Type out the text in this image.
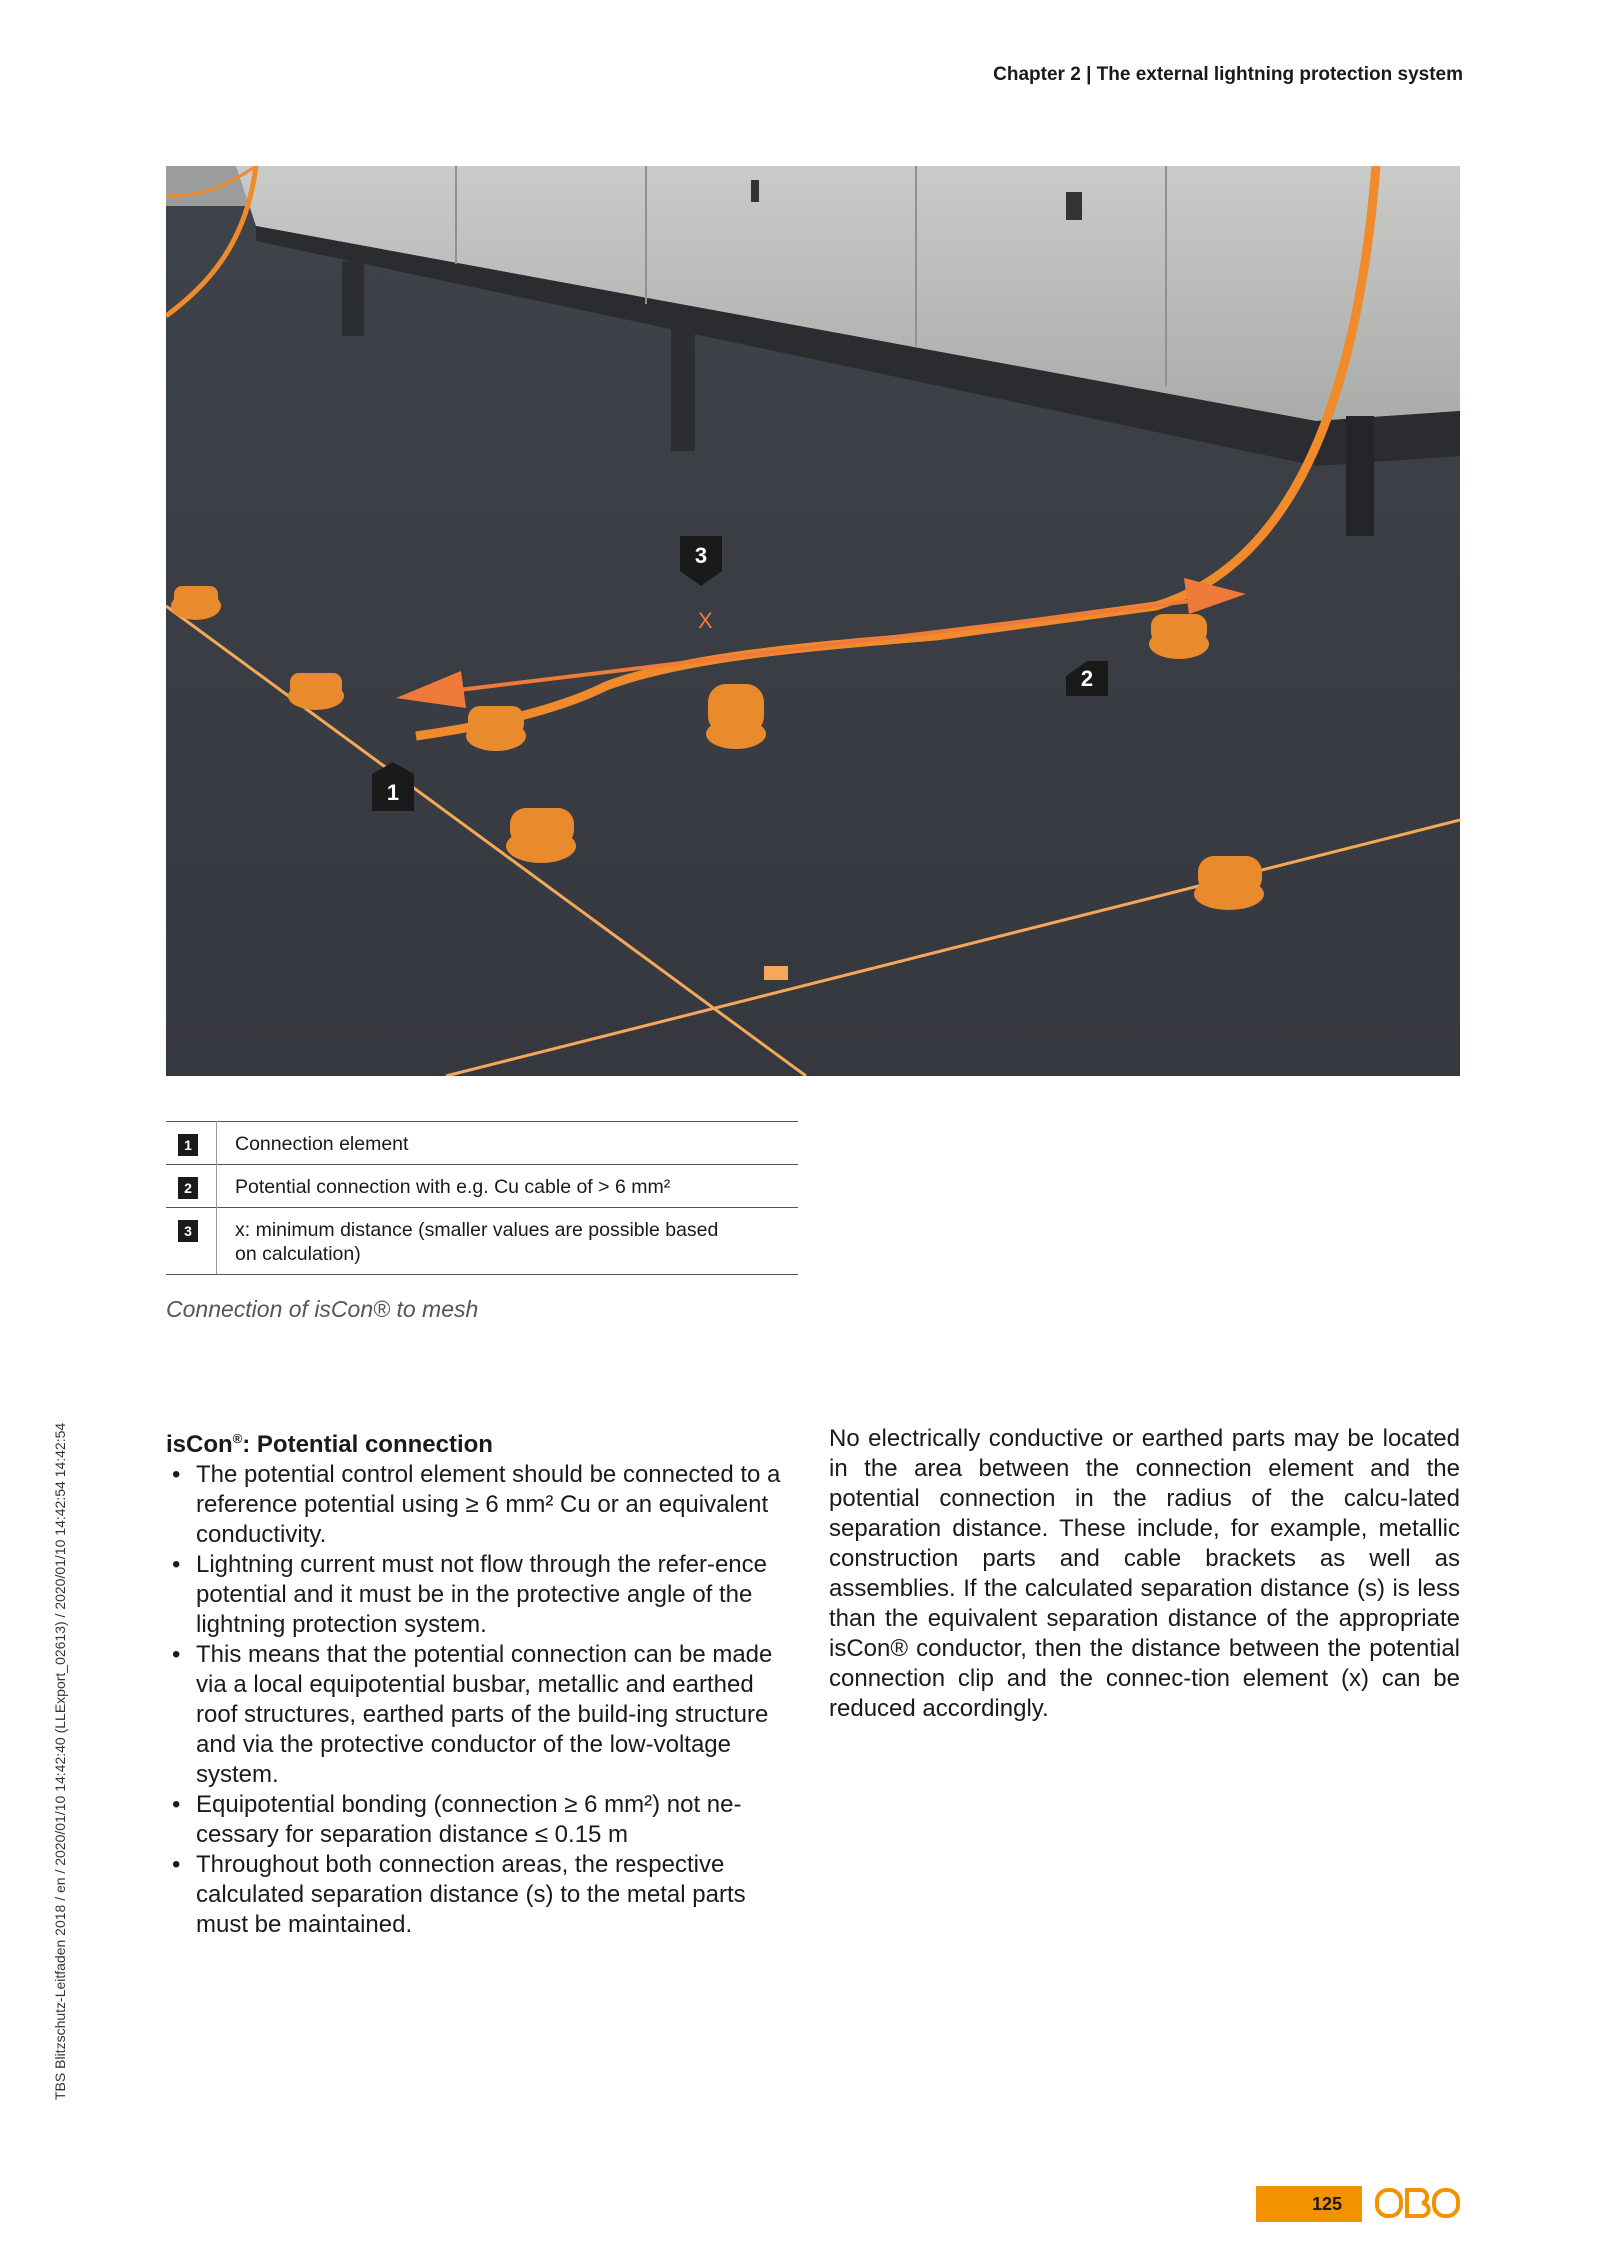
Chapter 2 | The external lightning protection system
X
3
2
1
1	Connection element
2	Potential connection with e.g. Cu cable of > 6 mm²
3	x: minimum distance (smaller values are possible based on calculation)
Connection of isCon® to mesh
TBS Blitzschutz-Leitfaden 2018 / en / 2020/01/10 14:42:40 (LLExport_02613) / 2020/01/10 14:42:54 14:42:54	isCon®: Potential connection
• The potential control element should be connected to a reference potential using ≥ 6 mm² Cu or an equivalent conductivity.
• Lightning current must not flow through the refer-ence potential and it must be in the protective angle of the lightning protection system.
• This means that the potential connection can be made via a local equipotential busbar, metallic and earthed roof structures, earthed parts of the build-ing structure and via the protective conductor of the low-voltage system.
• Equipotential bonding (connection ≥ 6 mm²) not ne-cessary for separation distance ≤ 0.15 m
• Throughout both connection areas, the respective calculated separation distance (s) to the metal parts must be maintained.

No electrically conductive or earthed parts may be located in the area between the connection element and the potential connection in the radius of the calcu-lated separation distance. These include, for example, metallic construction parts and cable brackets as well as assemblies. If the calculated separation distance (s) is less than the equivalent separation distance of the appropriate isCon® conductor, then the distance between the potential connection clip and the connec-tion element (x) can be reduced accordingly.

125
